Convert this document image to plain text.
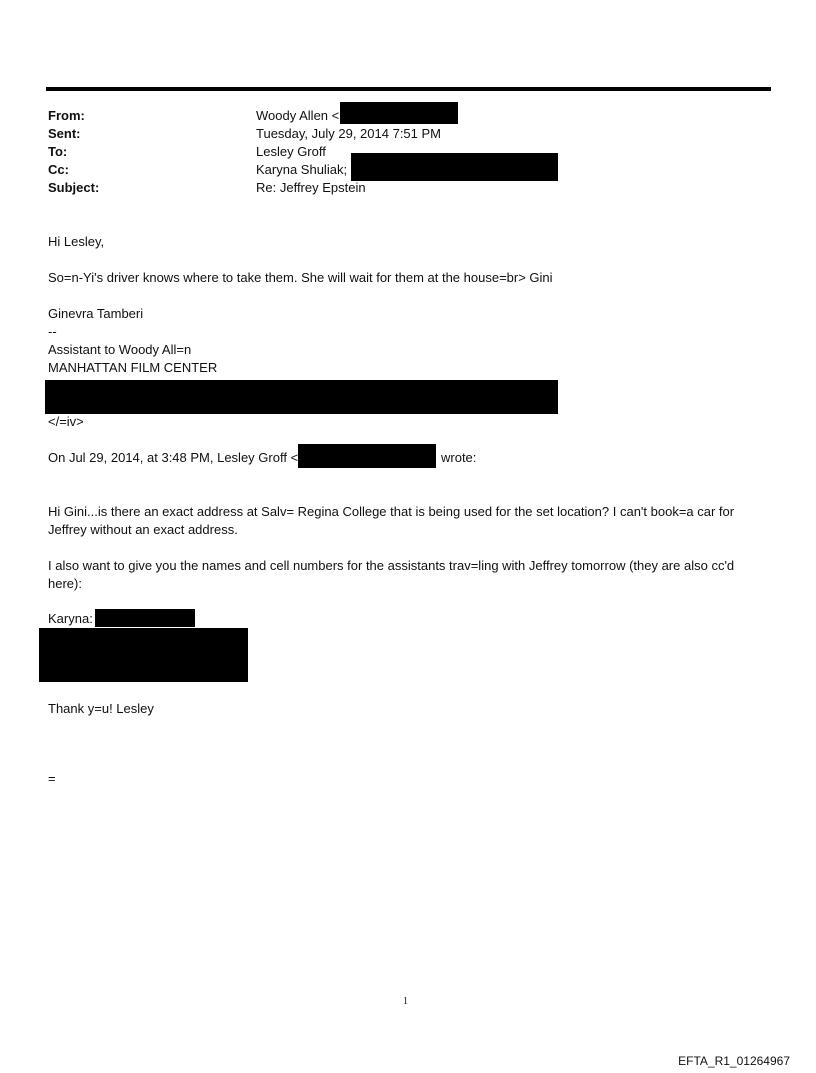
From:	Woody Allen <
Sent:	Tuesday, July 29, 2014 7:51 PM
To:	Lesley Groff
Cc:	Karyna Shuliak;
Subject:	Re: Jeffrey Epstein
Hi Lesley,
So=n-Yi's driver knows where to take them. She will wait for them at the house=br> Gini
Ginevra Tamberi
--
Assistant to Woody All=n
MANHATTAN FILM CENTER
</=iv>
On Jul 29, 2014, at 3:48 PM, Lesley Groff <	wrote:
Hi Gini...is there an exact address at Salv= Regina College that is being used for the set location? I can't book=a car for Jeffrey without an exact address.
I also want to give you the names and cell numbers for the assistants trav=ling with Jeffrey tomorrow (they are also cc'd here):
Karyna:
Thank y=u! Lesley
=
1
EFTA_R1_01264967
